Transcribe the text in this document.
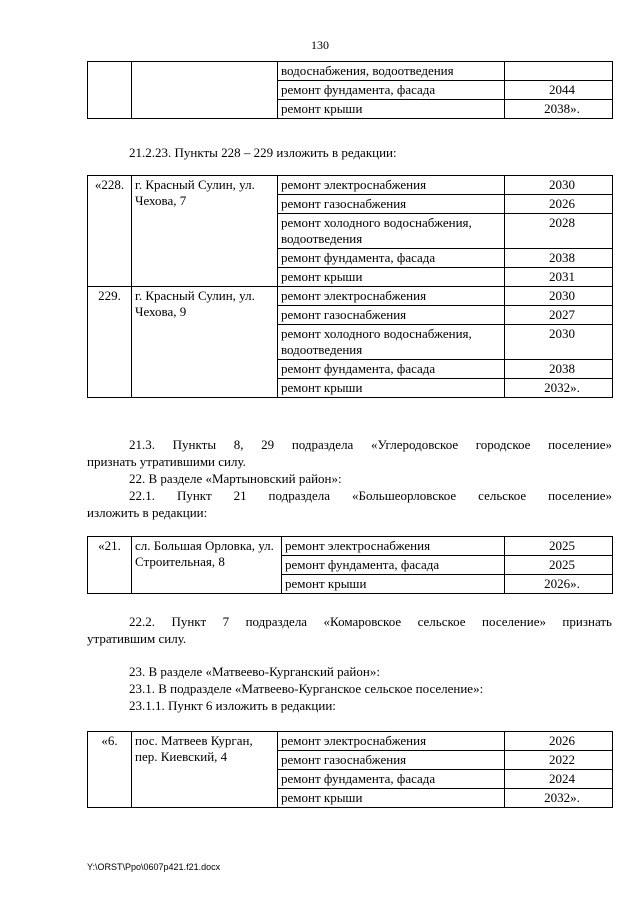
130
		водоснабжения, водоотведения	
		ремонт фундамента, фасада	2044
		ремонт крыши	2038».
21.2.23. Пункты 228 – 229 изложить в редакции:
«228.	г. Красный Сулин, ул. Чехова, 7	ремонт электроснабжения	2030
		ремонт газоснабжения	2026
		ремонт холодного водоснабжения, водоотведения	2028
		ремонт фундамента, фасада	2038
		ремонт крыши	2031
229.	г. Красный Сулин, ул. Чехова, 9	ремонт электроснабжения	2030
		ремонт газоснабжения	2027
		ремонт холодного водоснабжения, водоотведения	2030
		ремонт фундамента, фасада	2038
		ремонт крыши	2032».
21.3. Пункты 8, 29 подраздела «Углеродовское городское поселение»
признать утратившими силу.
22. В разделе «Мартыновский район»:
22.1. Пункт 21 подраздела «Большеорловское сельское поселение»
изложить в редакции:
«21.	сл. Большая Орловка, ул. Строительная, 8	ремонт электроснабжения	2025
		ремонт фундамента, фасада	2025
		ремонт крыши	2026».
22.2. Пункт 7 подраздела «Комаровское сельское поселение» признать
утратившим силу.
23. В разделе «Матвеево-Курганский район»:
23.1. В подразделе «Матвеево-Курганское сельское поселение»:
23.1.1. Пункт 6 изложить в редакции:
«6.	пос. Матвеев Курган, пер. Киевский, 4	ремонт электроснабжения	2026
		ремонт газоснабжения	2022
		ремонт фундамента, фасада	2024
		ремонт крыши	2032».
Y:\ORST\Ppo\0607p421.f21.docx
